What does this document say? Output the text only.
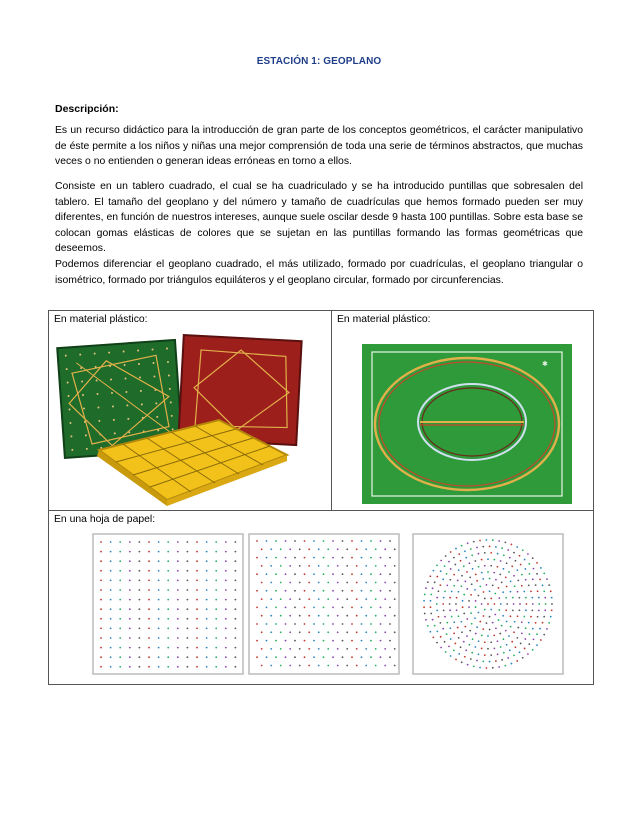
ESTACIÓN 1: GEOPLANO
Descripción:

Es un recurso didáctico para la introducción de gran parte de los conceptos geométricos, el carácter manipulativo de éste permite a los niños y niñas una mejor comprensión de toda una serie de términos abstractos, que muchas veces o no entienden o generan ideas erróneas en torno a ellos.

Consiste en un tablero cuadrado, el cual se ha cuadriculado y se ha introducido puntillas que sobresalen del tablero. El tamaño del geoplano y del número y tamaño de cuadrículas que hemos formado pueden ser muy diferentes, en función de nuestros intereses, aunque suele oscilar desde 9 hasta 100 puntillas. Sobre esta base se colocan gomas elásticas de colores que se sujetan en las puntillas formando las formas geométricas que deseemos.

Podemos diferenciar el geoplano cuadrado, el más utilizado, formado por cuadrículas, el geoplano triangular o isométrico, formado por triángulos equiláteros y el geoplano circular, formado por circunferencias.

En material plástico:	En material plástico:
✱

En una hoja de papel:
